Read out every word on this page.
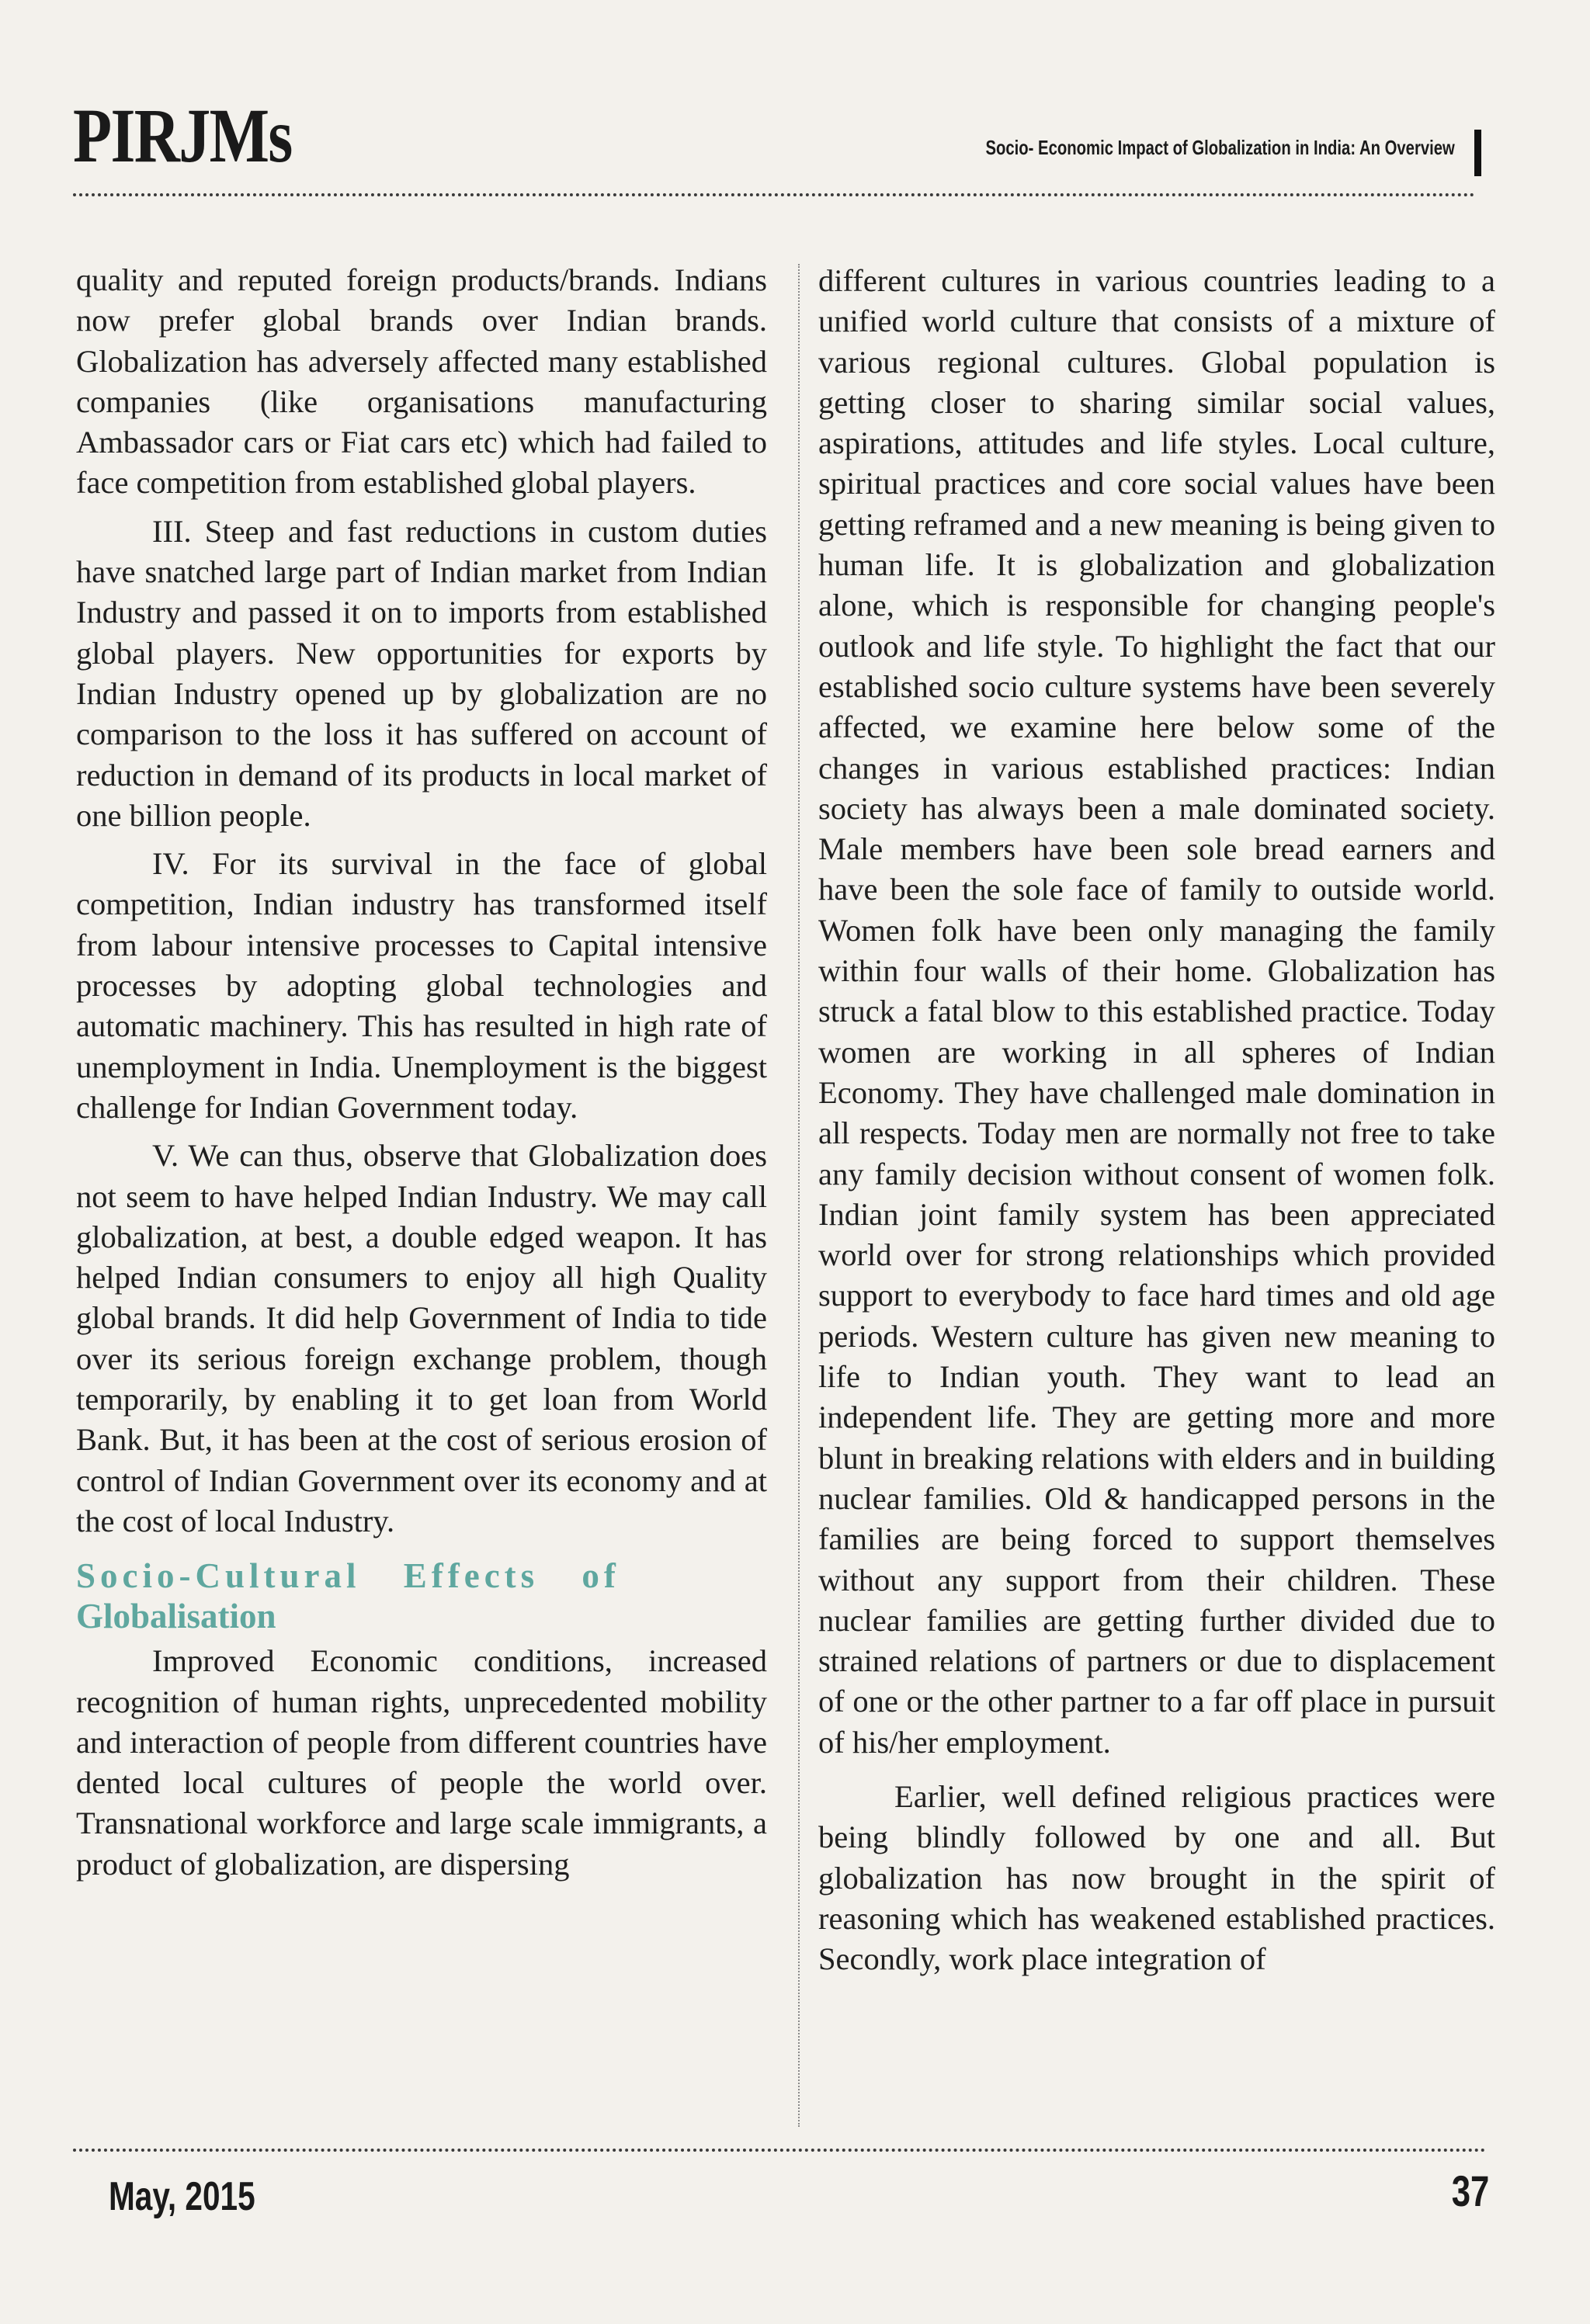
PIRJMs	Socio- Economic Impact of Globalization in India: An Overview

quality and reputed foreign products/brands. Indians now prefer global brands over Indian brands. Globalization has adversely affected many established companies (like organisations manufacturing Ambassador cars or Fiat cars etc) which had failed to face competition from established global players.

III. Steep and fast reductions in custom duties have snatched large part of Indian market from Indian Industry and passed it on to imports from established global players. New opportunities for exports by Indian Industry opened up by globalization are no comparison to the loss it has suffered on account of reduction in demand of its products in local market of one billion people.

IV. For its survival in the face of global competition, Indian industry has transformed itself from labour intensive processes to Capital intensive processes by adopting global technologies and automatic machinery. This has resulted in high rate of unemployment in India. Unemployment is the biggest challenge for Indian Government today.

V. We can thus, observe that Globalization does not seem to have helped Indian Industry. We may call globalization, at best, a double edged weapon. It has helped Indian consumers to enjoy all high Quality global brands. It did help Government of India to tide over its serious foreign exchange problem, though temporarily, by enabling it to get loan from World Bank. But, it has been at the cost of serious erosion of control of Indian Government over its economy and at the cost of local Industry.

Socio-Cultural Effects of
Globalisation

Improved Economic conditions, increased recognition of human rights, unprecedented mobility and interaction of people from different countries have dented local cultures of people the world over. Transnational workforce and large scale immigrants, a product of globalization, are dispersing

different cultures in various countries leading to a unified world culture that consists of a mixture of various regional cultures. Global population is getting closer to sharing similar social values, aspirations, attitudes and life styles. Local culture, spiritual practices and core social values have been getting reframed and a new meaning is being given to human life. It is globalization and globalization alone, which is responsible for changing people's outlook and life style. To highlight the fact that our established socio culture systems have been severely affected, we examine here below some of the changes in various established practices: Indian society has always been a male dominated society. Male members have been sole bread earners and have been the sole face of family to outside world. Women folk have been only managing the family within four walls of their home. Globalization has struck a fatal blow to this established practice. Today women are working in all spheres of Indian Economy. They have challenged male domination in all respects. Today men are normally not free to take any family decision without consent of women folk. Indian joint family system has been appreciated world over for strong relationships which provided support to everybody to face hard times and old age periods. Western culture has given new meaning to life to Indian youth. They want to lead an independent life. They are getting more and more blunt in breaking relations with elders and in building nuclear families. Old & handicapped persons in the families are being forced to support themselves without any support from their children. These nuclear families are getting further divided due to strained relations of partners or due to displacement of one or the other partner to a far off place in pursuit of his/her employment.

Earlier, well defined religious practices were being blindly followed by one and all. But globalization has now brought in the spirit of reasoning which has weakened established practices. Secondly, work place integration of

May, 2015	37
